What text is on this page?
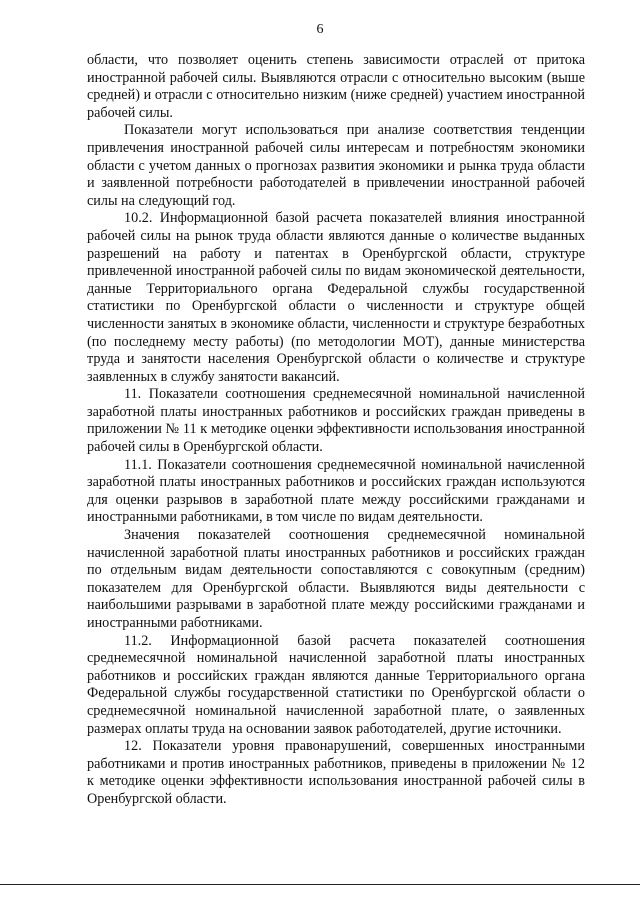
6

области, что позволяет оценить степень зависимости отраслей от притока иностранной рабочей силы. Выявляются отрасли с относительно высоким (выше средней) и отрасли с относительно низким (ниже средней) участием иностранной рабочей силы.

Показатели могут использоваться при анализе соответствия тенденции привлечения иностранной рабочей силы интересам и потребностям экономики области с учетом данных о прогнозах развития экономики и рынка труда области и заявленной потребности работодателей в привлечении иностранной рабочей силы на следующий год.

10.2. Информационной базой расчета показателей влияния иностранной рабочей силы на рынок труда области являются данные о количестве выданных разрешений на работу и патентах в Оренбургской области, структуре привлеченной иностранной рабочей силы по видам экономической деятельности, данные Территориального органа Федеральной службы государственной статистики по Оренбургской области о численности и структуре общей численности занятых в экономике области, численности и структуре безработных (по последнему месту работы) (по методологии МОТ), данные министерства труда и занятости населения Оренбургской области о количестве и структуре заявленных в службу занятости вакансий.

11. Показатели соотношения среднемесячной номинальной начисленной заработной платы иностранных работников и российских граждан приведены в приложении № 11 к методике оценки эффективности использования иностранной рабочей силы в Оренбургской области.

11.1. Показатели соотношения среднемесячной номинальной начисленной заработной платы иностранных работников и российских граждан используются для оценки разрывов в заработной плате между российскими гражданами и иностранными работниками, в том числе по видам деятельности.

Значения показателей соотношения среднемесячной номинальной начисленной заработной платы иностранных работников и российских граждан по отдельным видам деятельности сопоставляются с совокупным (средним) показателем для Оренбургской области. Выявляются виды деятельности с наибольшими разрывами в заработной плате между российскими гражданами и иностранными работниками.

11.2. Информационной базой расчета показателей соотношения среднемесячной номинальной начисленной заработной платы иностранных работников и российских граждан являются данные Территориального органа Федеральной службы государственной статистики по Оренбургской области о среднемесячной номинальной начисленной заработной плате, о заявленных размерах оплаты труда на основании заявок работодателей, другие источники.

12. Показатели уровня правонарушений, совершенных иностранными работниками и против иностранных работников, приведены в приложении № 12 к методике оценки эффективности использования иностранной рабочей силы в Оренбургской области.
